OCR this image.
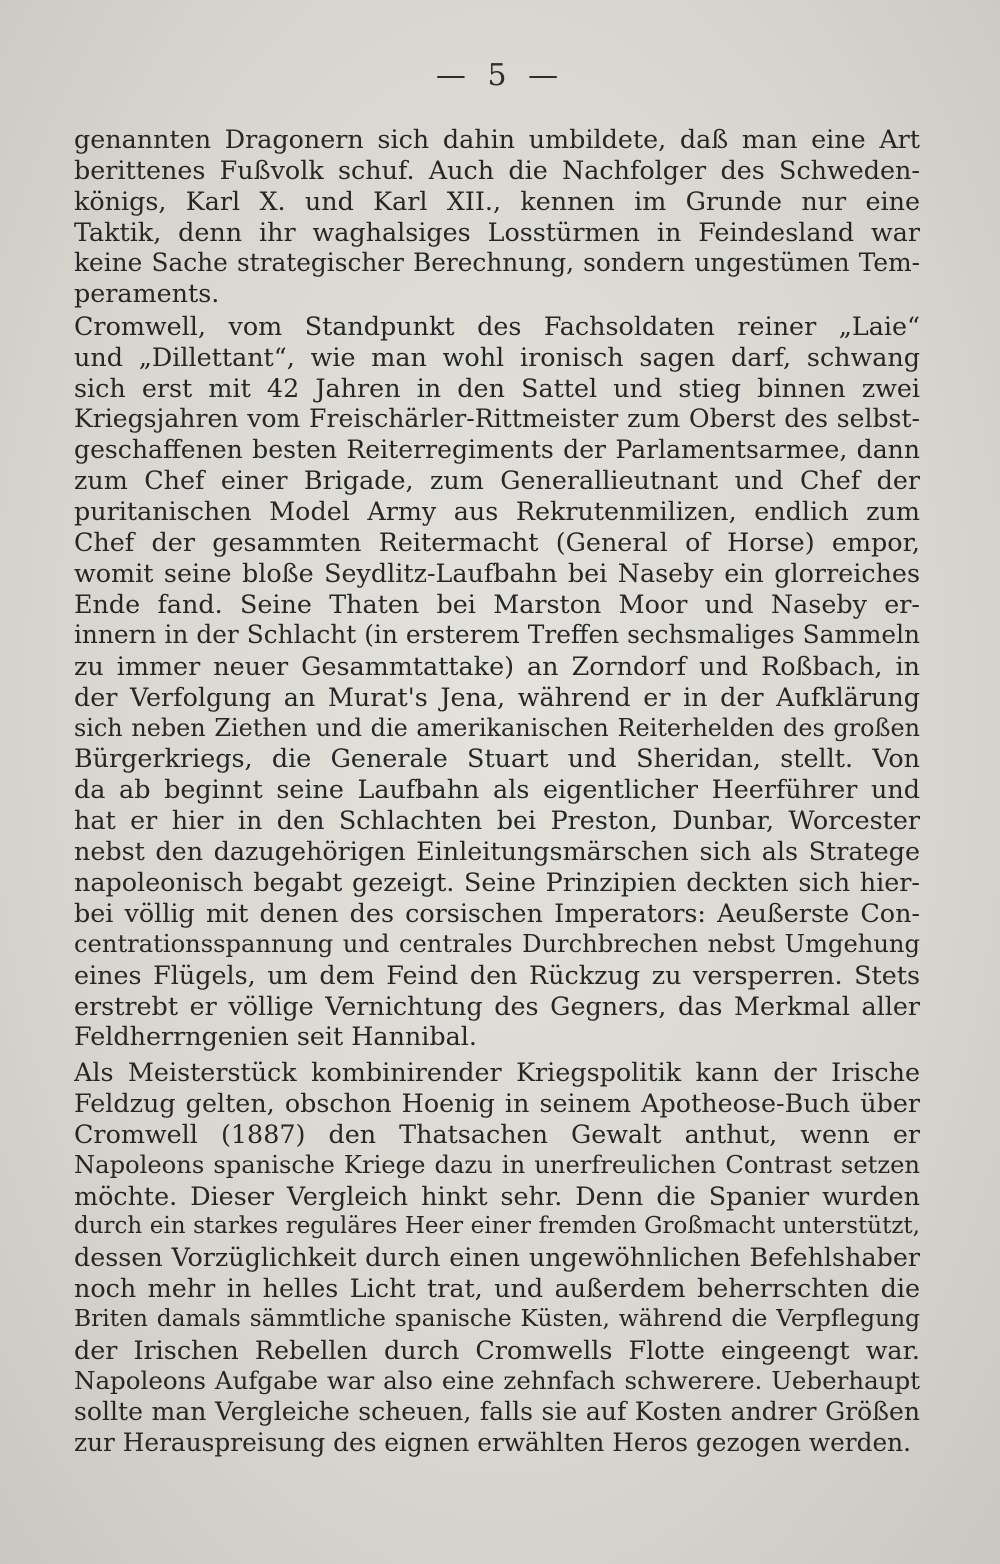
— 5 —
genannten Dragonern sich dahin umbildete, daß man eine Art
berittenes Fußvolk schuf. Auch die Nachfolger des Schweden-
königs, Karl X. und Karl XII., kennen im Grunde nur eine
Taktik, denn ihr waghalsiges Losstürmen in Feindesland war
keine Sache strategischer Berechnung, sondern ungestümen Tem-
peraments.
Cromwell, vom Standpunkt des Fachsoldaten reiner „Laie“
und „Dillettant“, wie man wohl ironisch sagen darf, schwang
sich erst mit 42 Jahren in den Sattel und stieg binnen zwei
Kriegsjahren vom Freischärler-Rittmeister zum Oberst des selbst-
geschaffenen besten Reiterregiments der Parlamentsarmee, dann
zum Chef einer Brigade, zum Generallieutnant und Chef der
puritanischen Model Army aus Rekrutenmilizen, endlich zum
Chef der gesammten Reitermacht (General of Horse) empor,
womit seine bloße Seydlitz-Laufbahn bei Naseby ein glorreiches
Ende fand. Seine Thaten bei Marston Moor und Naseby er-
innern in der Schlacht (in ersterem Treffen sechsmaliges Sammeln
zu immer neuer Gesammtattake) an Zorndorf und Roßbach, in
der Verfolgung an Murat's Jena, während er in der Aufklärung
sich neben Ziethen und die amerikanischen Reiterhelden des großen
Bürgerkriegs, die Generale Stuart und Sheridan, stellt. Von
da ab beginnt seine Laufbahn als eigentlicher Heerführer und
hat er hier in den Schlachten bei Preston, Dunbar, Worcester
nebst den dazugehörigen Einleitungsmärschen sich als Stratege
napoleonisch begabt gezeigt. Seine Prinzipien deckten sich hier-
bei völlig mit denen des corsischen Imperators: Aeußerste Con-
centrationsspannung und centrales Durchbrechen nebst Umgehung
eines Flügels, um dem Feind den Rückzug zu versperren. Stets
erstrebt er völlige Vernichtung des Gegners, das Merkmal aller
Feldherrngenien seit Hannibal.
Als Meisterstück kombinirender Kriegspolitik kann der Irische
Feldzug gelten, obschon Hoenig in seinem Apotheose-Buch über
Cromwell (1887) den Thatsachen Gewalt anthut, wenn er
Napoleons spanische Kriege dazu in unerfreulichen Contrast setzen
möchte. Dieser Vergleich hinkt sehr. Denn die Spanier wurden
durch ein starkes reguläres Heer einer fremden Großmacht unterstützt,
dessen Vorzüglichkeit durch einen ungewöhnlichen Befehlshaber
noch mehr in helles Licht trat, und außerdem beherrschten die
Briten damals sämmtliche spanische Küsten, während die Verpflegung
der Irischen Rebellen durch Cromwells Flotte eingeengt war.
Napoleons Aufgabe war also eine zehnfach schwerere. Ueberhaupt
sollte man Vergleiche scheuen, falls sie auf Kosten andrer Größen
zur Herauspreisung des eignen erwählten Heros gezogen werden.
